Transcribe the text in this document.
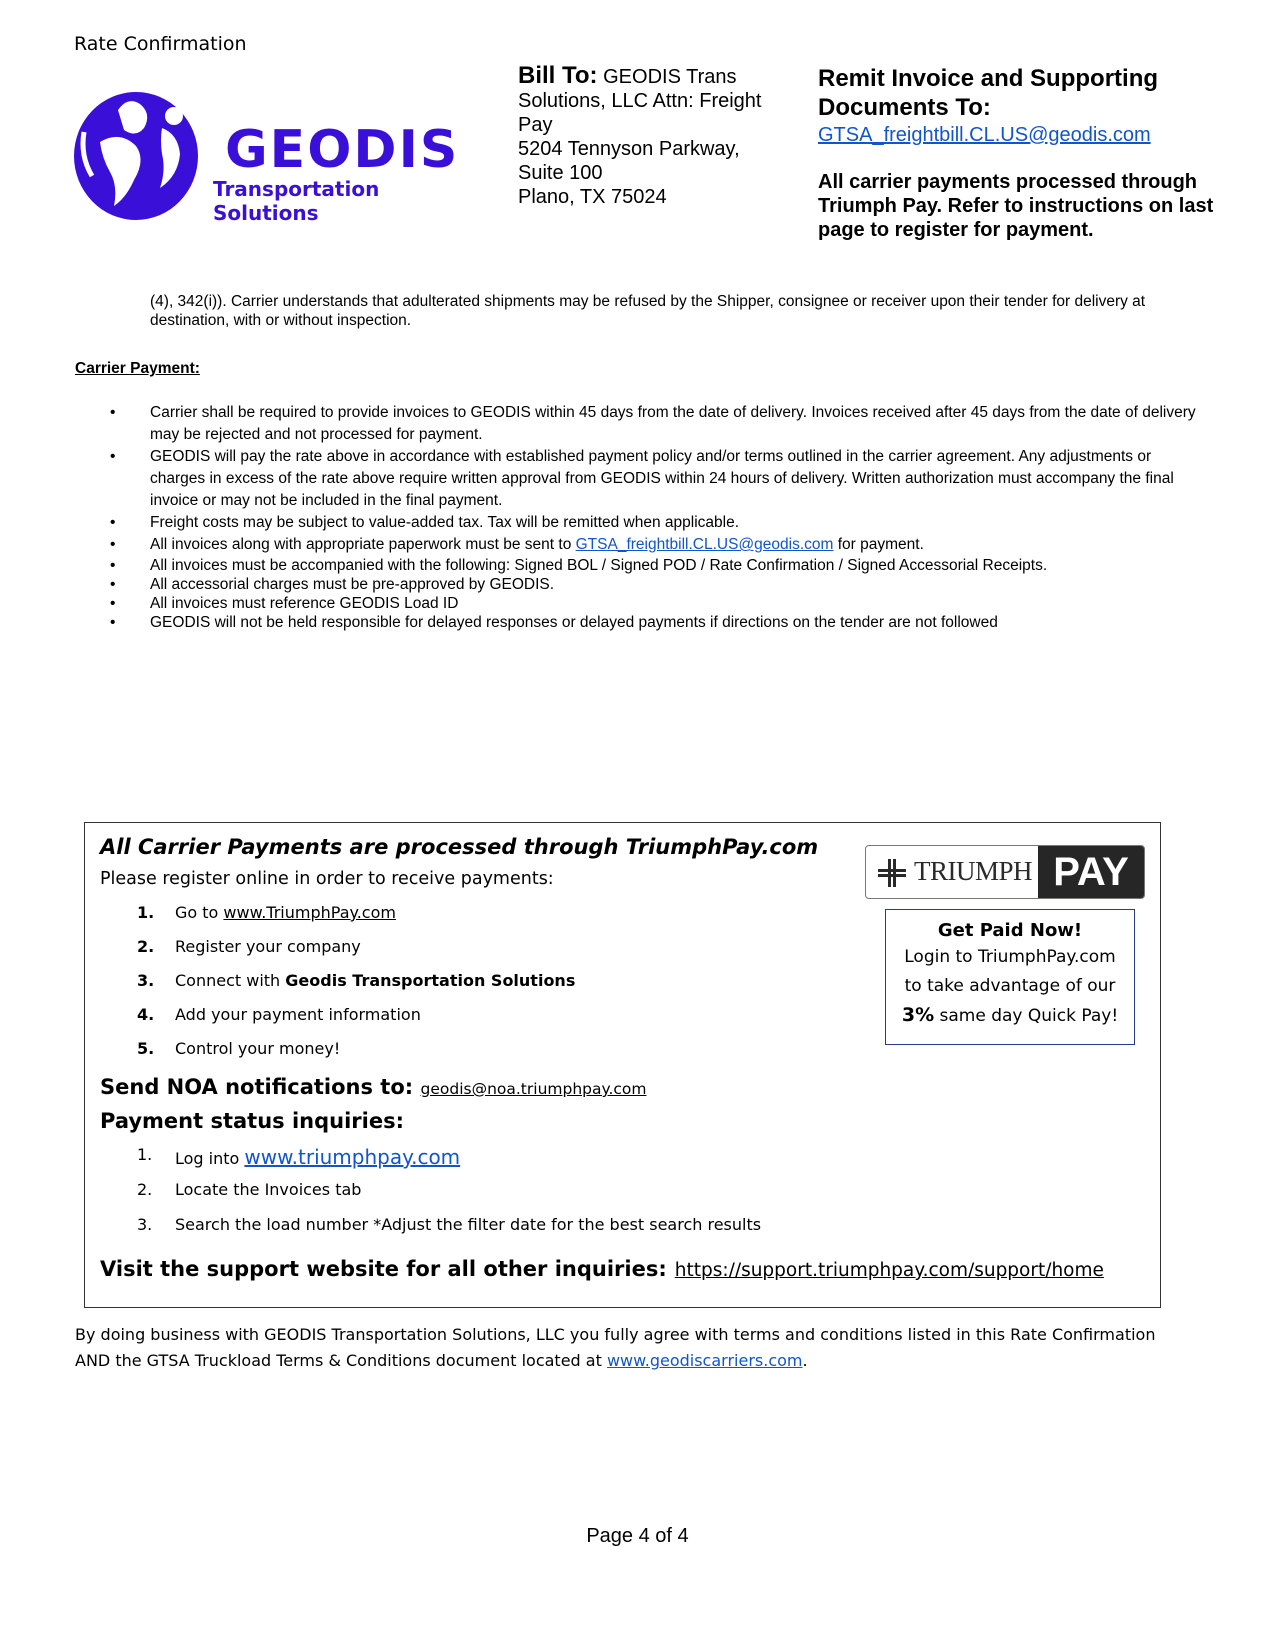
Rate Confirmation
GEODIS
Transportation Solutions
Bill To: GEODIS Trans Solutions, LLC Attn: Freight Pay
5204 Tennyson Parkway, Suite 100
Plano, TX 75024
Remit Invoice and Supporting Documents To:
GTSA_freightbill.CL.US@geodis.com
All carrier payments processed through Triumph Pay. Refer to instructions on last page to register for payment.
(4), 342(i)). Carrier understands that adulterated shipments may be refused by the Shipper, consignee or receiver upon their tender for delivery at destination, with or without inspection.
Carrier Payment:
• Carrier shall be required to provide invoices to GEODIS within 45 days from the date of delivery. Invoices received after 45 days from the date of delivery may be rejected and not processed for payment.
• GEODIS will pay the rate above in accordance with established payment policy and/or terms outlined in the carrier agreement. Any adjustments or charges in excess of the rate above require written approval from GEODIS within 24 hours of delivery. Written authorization must accompany the final invoice or may not be included in the final payment.
• Freight costs may be subject to value-added tax. Tax will be remitted when applicable.
• All invoices along with appropriate paperwork must be sent to GTSA_freightbill.CL.US@geodis.com for payment.
• All invoices must be accompanied with the following: Signed BOL / Signed POD / Rate Confirmation / Signed Accessorial Receipts.
• All accessorial charges must be pre-approved by GEODIS.
• All invoices must reference GEODIS Load ID
• GEODIS will not be held responsible for delayed responses or delayed payments if directions on the tender are not followed
All Carrier Payments are processed through TriumphPay.com
Please register online in order to receive payments:
1. Go to www.TriumphPay.com
2. Register your company
3. Connect with Geodis Transportation Solutions
4. Add your payment information
5. Control your money!
Send NOA notifications to: geodis@noa.triumphpay.com
Payment status inquiries:
1. Log into www.triumphpay.com
2. Locate the Invoices tab
3. Search the load number *Adjust the filter date for the best search results
Visit the support website for all other inquiries: https://support.triumphpay.com/support/home
TRIUMPH PAY
Get Paid Now!
Login to TriumphPay.com
to take advantage of our
3% same day Quick Pay!
By doing business with GEODIS Transportation Solutions, LLC you fully agree with terms and conditions listed in this Rate Confirmation AND the GTSA Truckload Terms & Conditions document located at www.geodiscarriers.com.
Page 4 of 4
